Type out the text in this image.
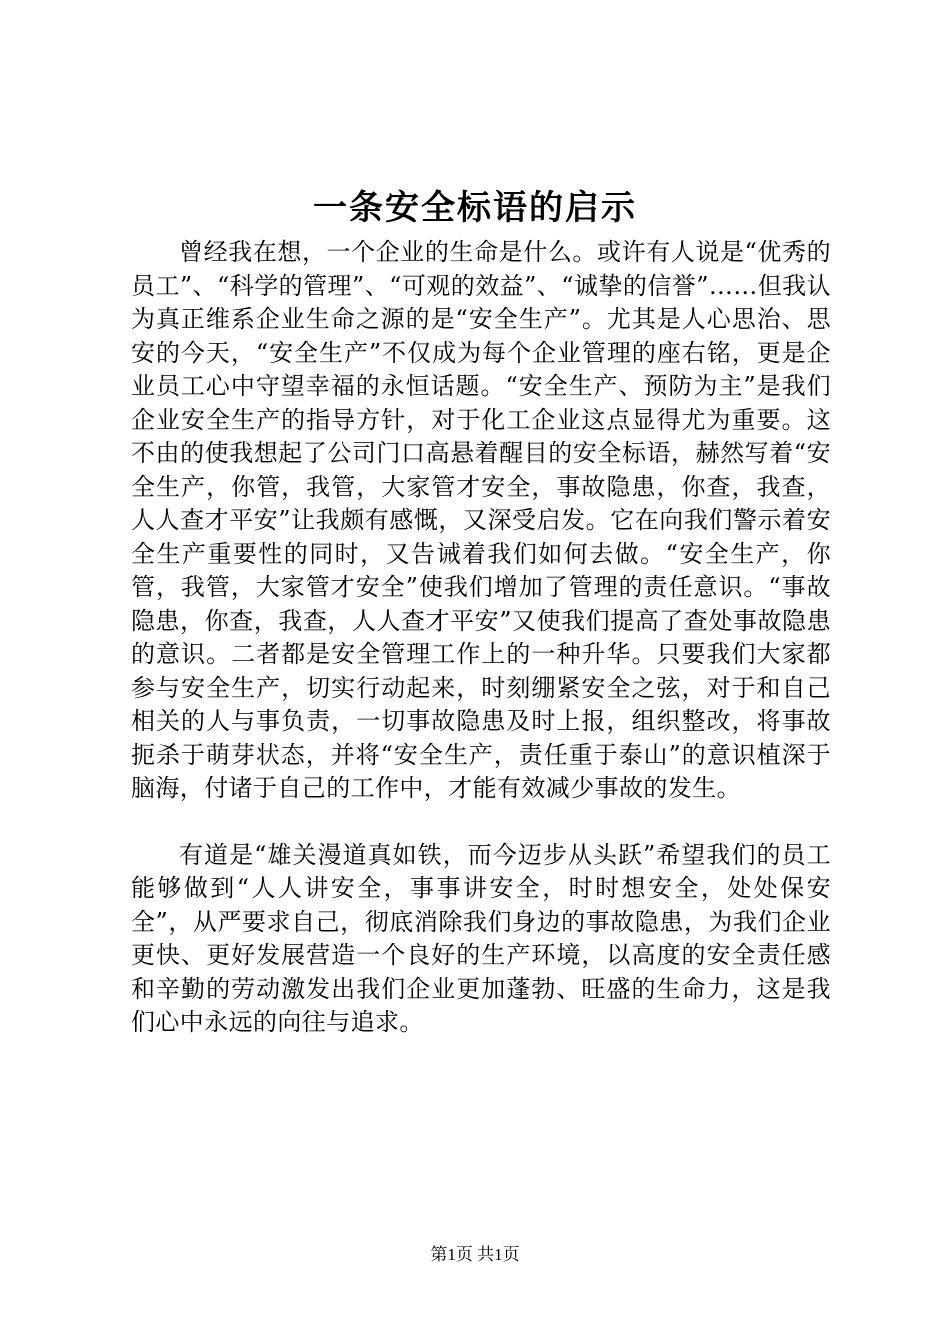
一条安全标语的启示

曾经我在想，一个企业的生命是什么。或许有人说是“优秀的员工”、“科学的管理”、“可观的效益”、“诚挚的信誉”……但我认为真正维系企业生命之源的是“安全生产”。尤其是人心思治、思安的今天，“安全生产”不仅成为每个企业管理的座右铭，更是企业员工心中守望幸福的永恒话题。“安全生产、预防为主”是我们企业安全生产的指导方针，对于化工企业这点显得尤为重要。这不由的使我想起了公司门口高悬着醒目的安全标语，赫然写着“安全生产，你管，我管，大家管才安全，事故隐患，你查，我查，人人查才平安”让我颇有感慨，又深受启发。它在向我们警示着安全生产重要性的同时，又告诫着我们如何去做。“安全生产，你管，我管，大家管才安全”使我们增加了管理的责任意识。“事故隐患，你查，我查，人人查才平安”又使我们提高了查处事故隐患的意识。二者都是安全管理工作上的一种升华。只要我们大家都参与安全生产，切实行动起来，时刻绷紧安全之弦，对于和自己相关的人与事负责，一切事故隐患及时上报，组织整改，将事故扼杀于萌芽状态，并将“安全生产，责任重于泰山”的意识植深于脑海，付诸于自己的工作中，才能有效减少事故的发生。

有道是“雄关漫道真如铁，而今迈步从头跃”希望我们的员工能够做到“人人讲安全，事事讲安全，时时想安全，处处保安全”，从严要求自己，彻底消除我们身边的事故隐患，为我们企业更快、更好发展营造一个良好的生产环境，以高度的安全责任感和辛勤的劳动激发出我们企业更加蓬勃、旺盛的生命力，这是我们心中永远的向往与追求。

第1页 共1页
